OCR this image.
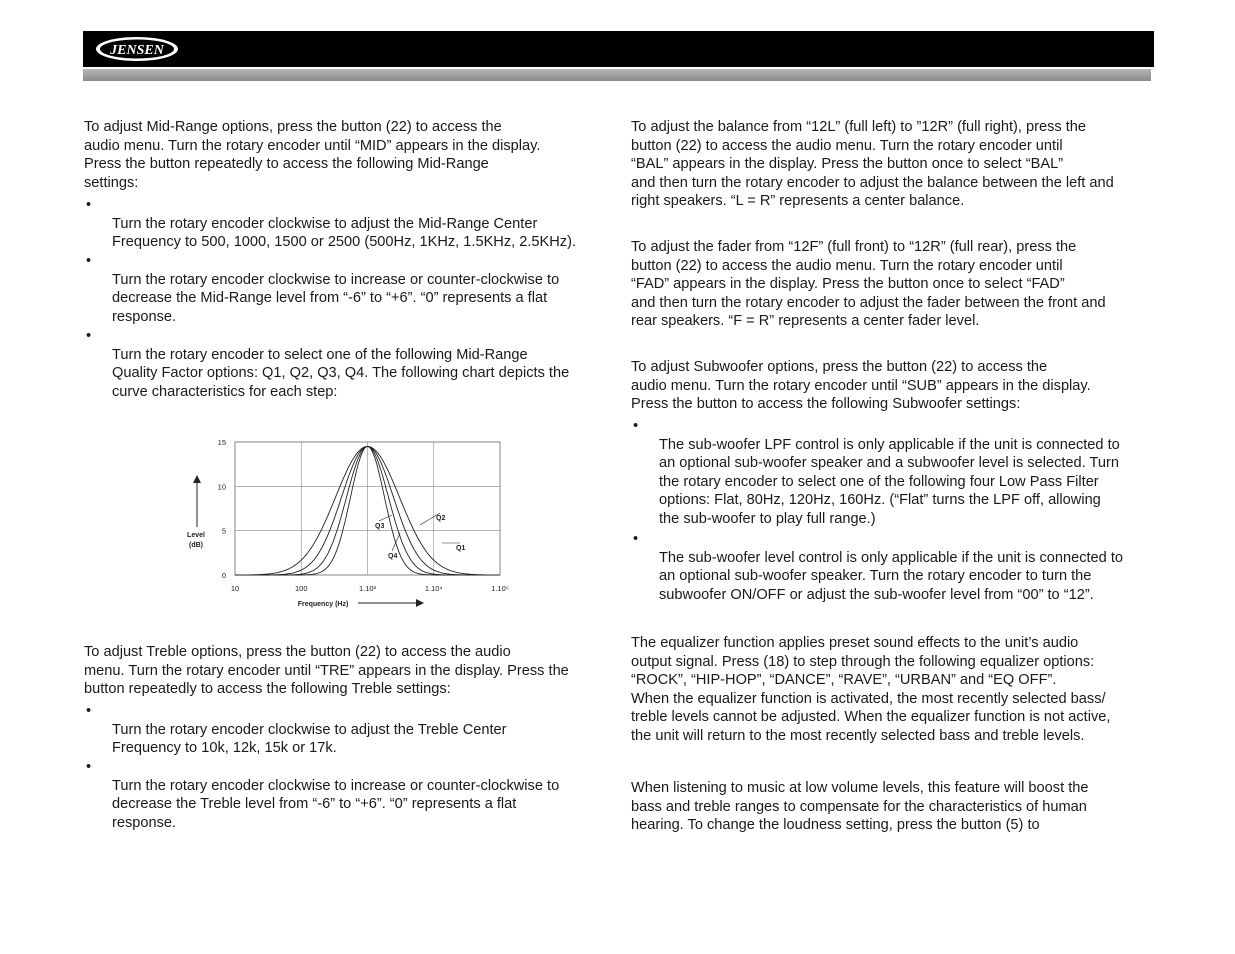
JENSEN

To adjust Mid-Range options, press the button (22) to access the

audio menu. Turn the rotary encoder until “MID” appears in the display.

Press the button repeatedly to access the following Mid-Range

settings:

•

Turn the rotary encoder clockwise to adjust the Mid-Range Center

Frequency to 500, 1000, 1500 or 2500 (500Hz, 1KHz, 1.5KHz, 2.5KHz).

•

Turn the rotary encoder clockwise to increase or counter-clockwise to

decrease the Mid-Range level from “-6” to “+6”. “0” represents a flat

response.

•

Turn the rotary encoder to select one of the following Mid-Range

Quality Factor options: Q1, Q2, Q3, Q4. The following chart depicts the

curve characteristics for each step:

To adjust Treble options, press the button (22) to access the audio

menu. Turn the rotary encoder until “TRE” appears in the display. Press the

button repeatedly to access the following Treble settings:

•

Turn the rotary encoder clockwise to adjust the Treble Center

Frequency to 10k, 12k, 15k or 17k.

•

Turn the rotary encoder clockwise to increase or counter-clockwise to

decrease the Treble level from “-6” to “+6”. “0” represents a flat

response.

To adjust the balance from “12L” (full left) to ”12R” (full right), press the

button (22) to access the audio menu. Turn the rotary encoder until

“BAL” appears in the display. Press the button once to select “BAL”

and then turn the rotary encoder to adjust the balance between the left and

right speakers. “L = R” represents a center balance.

To adjust the fader from “12F” (full front) to “12R” (full rear), press the

button (22) to access the audio menu. Turn the rotary encoder until

“FAD” appears in the display. Press the button once to select “FAD”

and then turn the rotary encoder to adjust the fader between the front and

rear speakers. “F = R” represents a center fader level.

To adjust Subwoofer options, press the button (22) to access the

audio menu. Turn the rotary encoder until “SUB” appears in the display.

Press the button to access the following Subwoofer settings:

•

The sub-woofer LPF control is only applicable if the unit is connected to

an optional sub-woofer speaker and a subwoofer level is selected. Turn

the rotary encoder to select one of the following four Low Pass Filter

options: Flat, 80Hz, 120Hz, 160Hz. (“Flat” turns the LPF off, allowing

the sub-woofer to play full range.)

•

The sub-woofer level control is only applicable if the unit is connected to

an optional sub-woofer speaker. Turn the rotary encoder to turn the

subwoofer ON/OFF or adjust the sub-woofer level from “00” to “12”.

The equalizer function applies preset sound effects to the unit’s audio

output signal. Press (18) to step through the following equalizer options:

“ROCK”, “HIP-HOP”, “DANCE”, “RAVE”, “URBAN” and “EQ OFF”.

When the equalizer function is activated, the most recently selected bass/

treble levels cannot be adjusted. When the equalizer function is not active,

the unit will return to the most recently selected bass and treble levels.

When listening to music at low volume levels, this feature will boost the

bass and treble ranges to compensate for the characteristics of human

hearing. To change the loudness setting, press the button (5) to

10	100	1.10³	1.10⁴	1.10⁵
0
5
10
15
Level
(dB)
Frequency (Hz)
Q1
Q2
Q3
Q4
